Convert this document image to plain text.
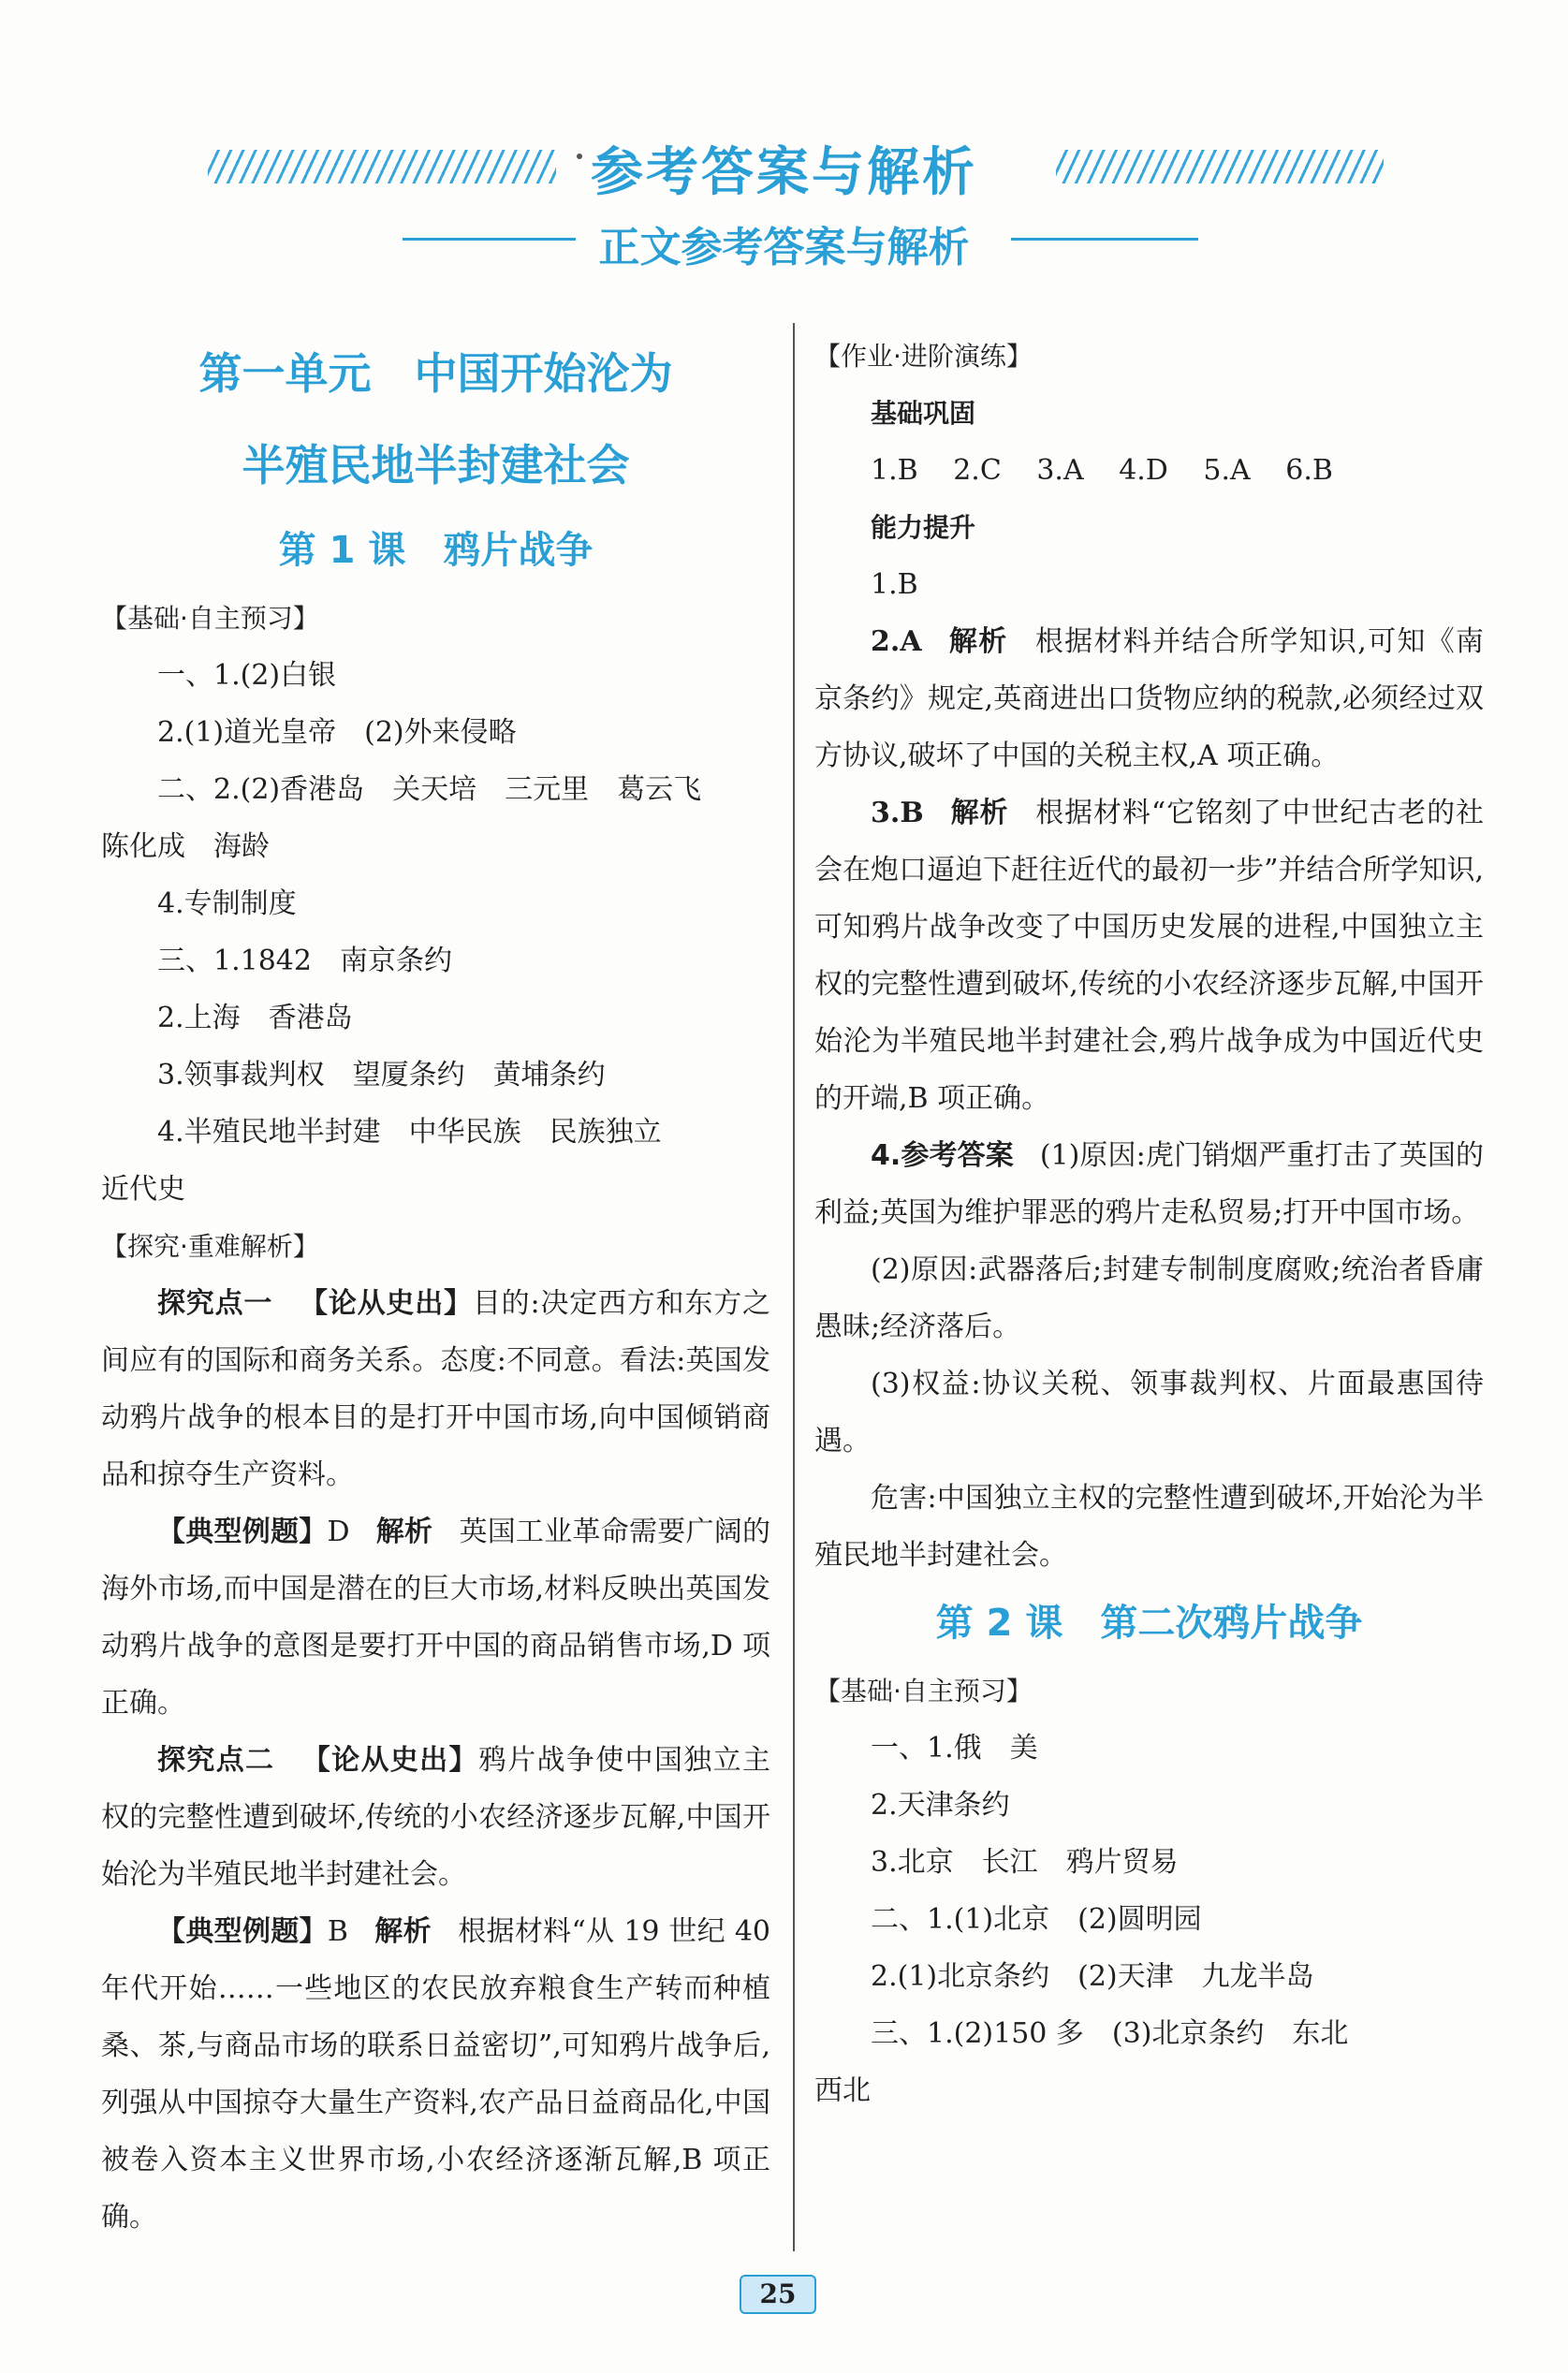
参考答案与解析
正文参考答案与解析
第一单元　中国开始沦为
半殖民地半封建社会
第 1 课　鸦片战争
【基础·自主预习】

一、1.(2)白银

2.(1)道光皇帝　(2)外来侵略

二、2.(2)香港岛　关天培　三元里　葛云飞

陈化成　海龄

4.专制制度

三、1.1842　南京条约

2.上海　香港岛

3.领事裁判权　望厦条约　黄埔条约

4.半殖民地半封建　中华民族　民族独立

近代史

【探究·重难解析】

探究点一 【论从史出】目的:决定西方和东方之间应有的国际和商务关系。态度:不同意。看法:英国发动鸦片战争的根本目的是打开中国市场,向中国倾销商品和掠夺生产资料。

【典型例题】D 解析 英国工业革命需要广阔的海外市场,而中国是潜在的巨大市场,材料反映出英国发动鸦片战争的意图是要打开中国的商品销售市场,D 项正确。

探究点二 【论从史出】鸦片战争使中国独立主权的完整性遭到破坏,传统的小农经济逐步瓦解,中国开始沦为半殖民地半封建社会。

【典型例题】B 解析 根据材料“从 19 世纪 40 年代开始……一些地区的农民放弃粮食生产转而种植桑、茶,与商品市场的联系日益密切”,可知鸦片战争后,列强从中国掠夺大量生产资料,农产品日益商品化,中国被卷入资本主义世界市场,小农经济逐渐瓦解,B 项正确。

【作业·进阶演练】
基础巩固

1.B 2.C 3.A 4.D 5.A 6.B

能力提升

1.B

2.A 解析 根据材料并结合所学知识,可知《南京条约》规定,英商进出口货物应纳的税款,必须经过双方协议,破坏了中国的关税主权,A 项正确。

3.B 解析 根据材料“它铭刻了中世纪古老的社会在炮口逼迫下赶往近代的最初一步”并结合所学知识,可知鸦片战争改变了中国历史发展的进程,中国独立主权的完整性遭到破坏,传统的小农经济逐步瓦解,中国开始沦为半殖民地半封建社会,鸦片战争成为中国近代史的开端,B 项正确。

4.参考答案 (1)原因:虎门销烟严重打击了英国的利益;英国为维护罪恶的鸦片走私贸易;打开中国市场。

(2)原因:武器落后;封建专制制度腐败;统治者昏庸愚昧;经济落后。

(3)权益:协议关税、领事裁判权、片面最惠国待遇。

危害:中国独立主权的完整性遭到破坏,开始沦为半殖民地半封建社会。

第 2 课　第二次鸦片战争
【基础·自主预习】

一、1.俄　美

2.天津条约

3.北京　长江　鸦片贸易

二、1.(1)北京　(2)圆明园

2.(1)北京条约　(2)天津　九龙半岛

三、1.(2)150 多　(3)北京条约　东北

西北

25
